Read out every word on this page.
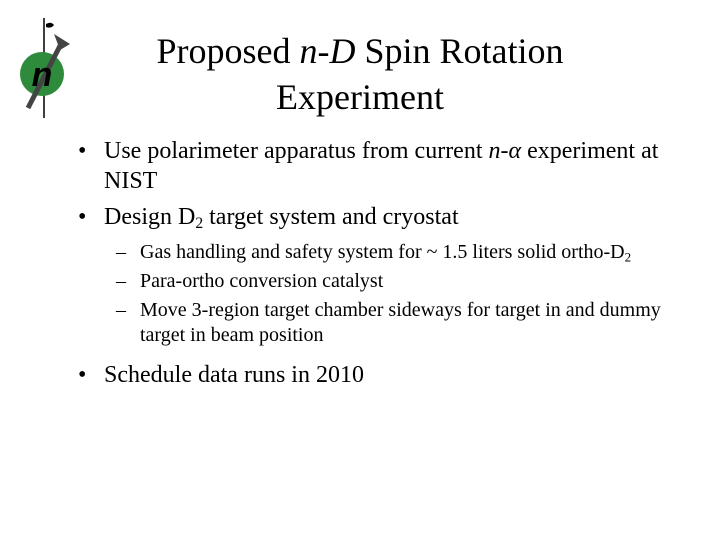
n
Proposed n-D Spin Rotation
Experiment
• Use polarimeter apparatus from current n-α experiment at NIST
• Design $D_2$ target system and cryostat
– Gas handling and safety system for ~ 1.5 liters solid ortho-$D_2$
– Para-ortho conversion catalyst
– Move 3-region target chamber sideways for target in and dummy target in beam position
• Schedule data runs in 2010
